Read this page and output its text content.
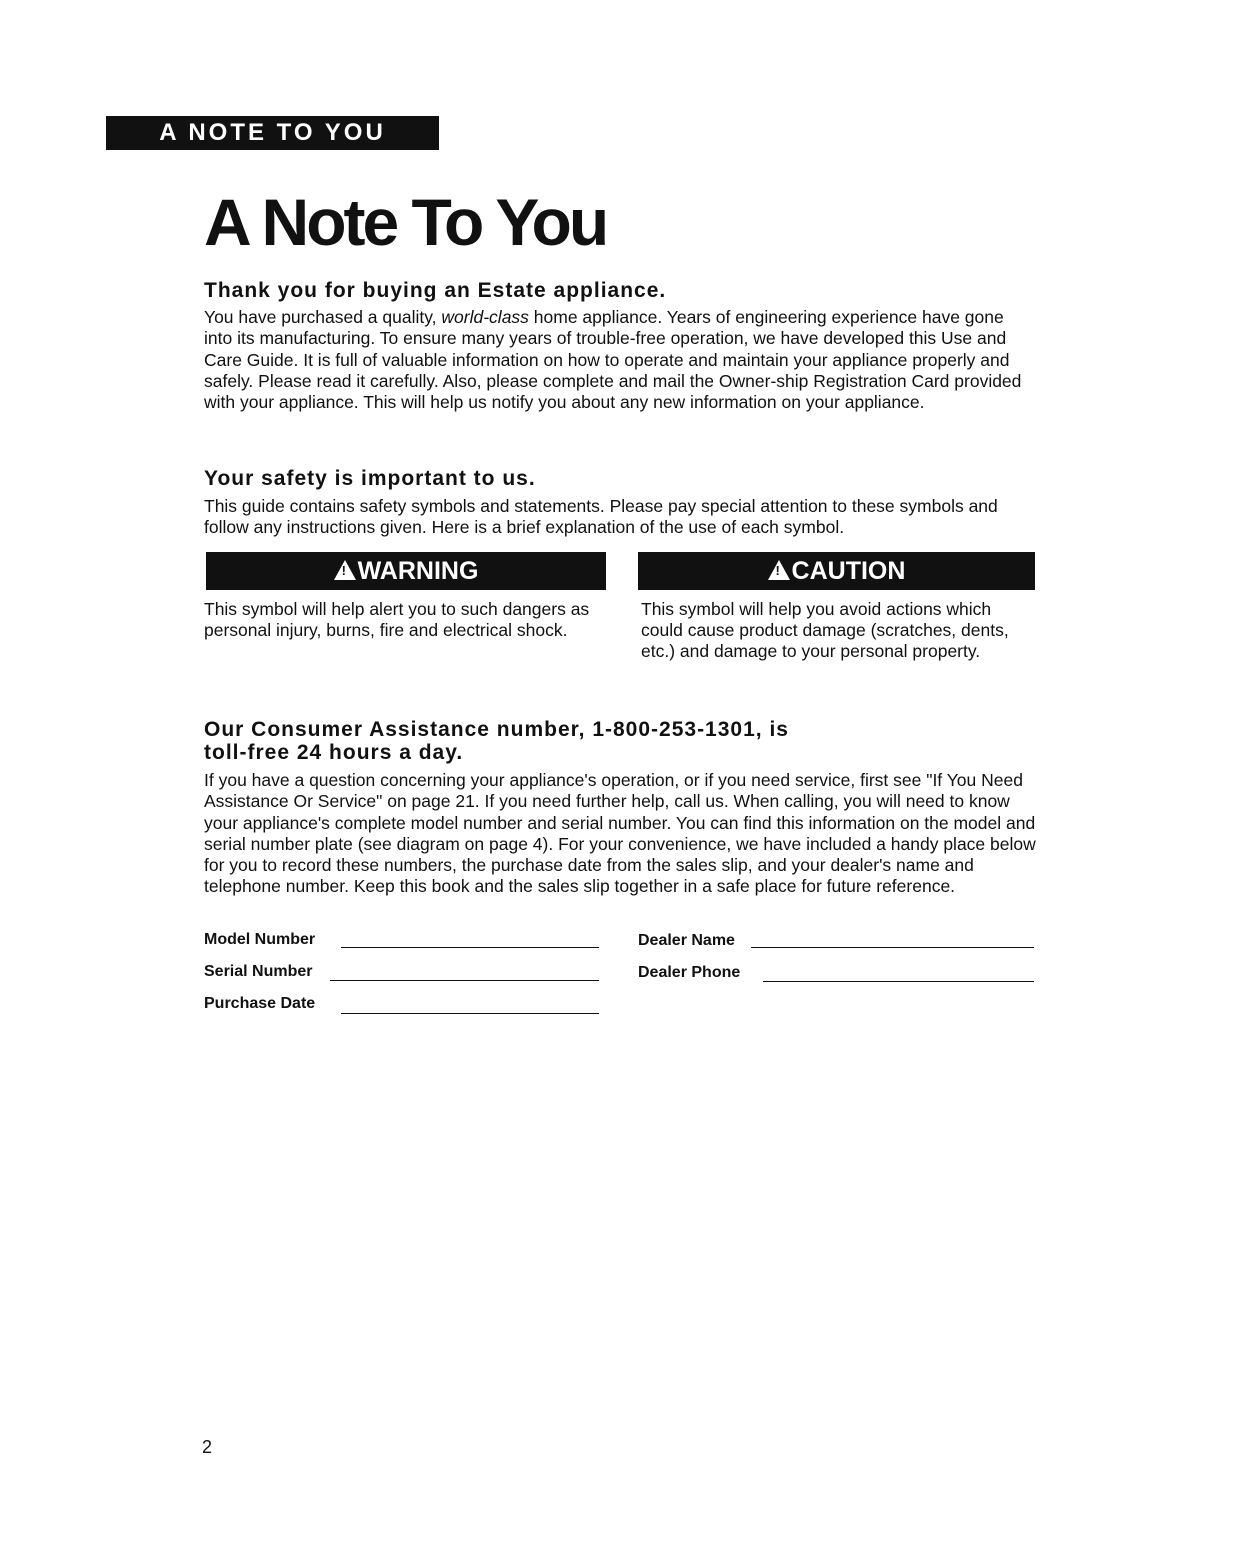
A NOTE TO YOU
A Note To You
Thank you for buying an Estate appliance.

You have purchased a quality, world-class home appliance. Years of engineering experience have gone into its manufacturing. To ensure many years of trouble-free operation, we have developed this Use and Care Guide. It is full of valuable information on how to operate and maintain your appliance properly and safely. Please read it carefully. Also, please complete and mail the Owner-ship Registration Card provided with your appliance. This will help us notify you about any new information on your appliance.

Your safety is important to us.

This guide contains safety symbols and statements. Please pay special attention to these symbols and follow any instructions given. Here is a brief explanation of the use of each symbol.

!WARNING

This symbol will help alert you to such dangers as personal injury, burns, fire and electrical shock.

!CAUTION

This symbol will help you avoid actions which could cause product damage (scratches, dents, etc.) and damage to your personal property.

Our Consumer Assistance number, 1-800-253-1301, is
toll-free 24 hours a day.

If you have a question concerning your appliance's operation, or if you need service, first see "If You Need Assistance Or Service" on page 21. If you need further help, call us. When calling, you will need to know your appliance's complete model number and serial number. You can find this information on the model and serial number plate (see diagram on page 4). For your convenience, we have included a handy place below for you to record these numbers, the purchase date from the sales slip, and your dealer's name and telephone number. Keep this book and the sales slip together in a safe place for future reference.

Model Number
Serial Number
Purchase Date
Dealer Name
Dealer Phone
2
